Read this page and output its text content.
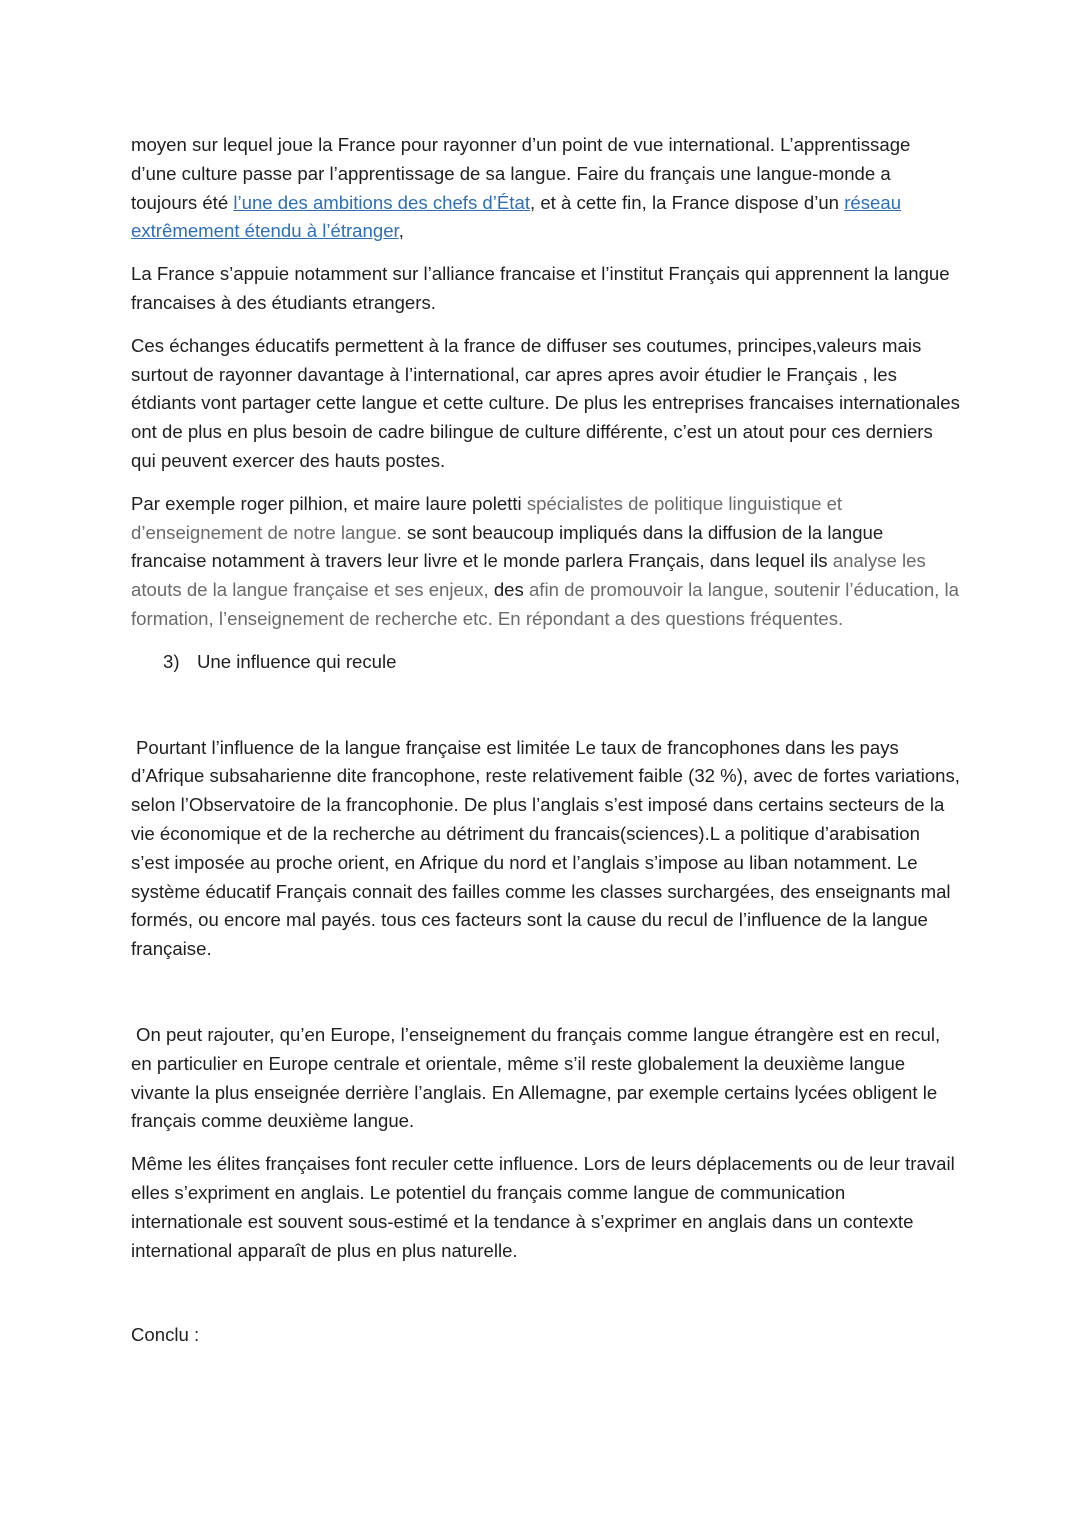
moyen sur lequel joue la France pour rayonner d’un point de vue international. L’apprentissage d’une culture passe par l’apprentissage de sa langue. Faire du français une langue-monde a toujours été l’une des ambitions des chefs d’État, et à cette fin, la France dispose d’un réseau extrêmement étendu à l’étranger,

La France s’appuie notamment sur l’alliance francaise et l’institut Français qui apprennent la langue francaises à des étudiants etrangers.

Ces échanges éducatifs permettent à la france de diffuser ses coutumes, principes,valeurs mais surtout de rayonner davantage à l’international, car apres apres avoir étudier le Français , les étdiants vont partager cette langue et cette culture. De plus les entreprises francaises internationales ont de plus en plus besoin de cadre bilingue de culture différente, c’est un atout pour ces derniers qui peuvent exercer des hauts postes.

Par exemple roger pilhion, et maire laure poletti spécialistes de politique linguistique et d’enseignement de notre langue. se sont beaucoup impliqués dans la diffusion de la langue francaise notamment à travers leur livre et le monde parlera Français, dans lequel ils analyse les atouts de la langue française et ses enjeux, des afin de promouvoir la langue, soutenir l’éducation, la formation, l’enseignement de recherche etc. En répondant a des questions fréquentes.

3) Une influence qui recule

Pourtant l’influence de la langue française est limitée Le taux de francophones dans les pays d’Afrique subsaharienne dite francophone, reste relativement faible (32 %), avec de fortes variations, selon l’Observatoire de la francophonie. De plus l’anglais s’est imposé dans certains secteurs de la vie économique et de la recherche au détriment du francais(sciences).L a politique d’arabisation s’est imposée au proche orient, en Afrique du nord et l’anglais s’impose au liban notamment. Le système éducatif Français connait des failles comme les classes surchargées, des enseignants mal formés, ou encore mal payés. tous ces facteurs sont la cause du recul de l’influence de la langue française.

On peut rajouter, qu’en Europe, l’enseignement du français comme langue étrangère est en recul, en particulier en Europe centrale et orientale, même s’il reste globalement la deuxième langue vivante la plus enseignée derrière l’anglais. En Allemagne, par exemple certains lycées obligent le français comme deuxième langue.

Même les élites françaises font reculer cette influence. Lors de leurs déplacements ou de leur travail elles s’expriment en anglais. Le potentiel du français comme langue de communication internationale est souvent sous-estimé et la tendance à s’exprimer en anglais dans un contexte international apparaît de plus en plus naturelle.

Conclu :
